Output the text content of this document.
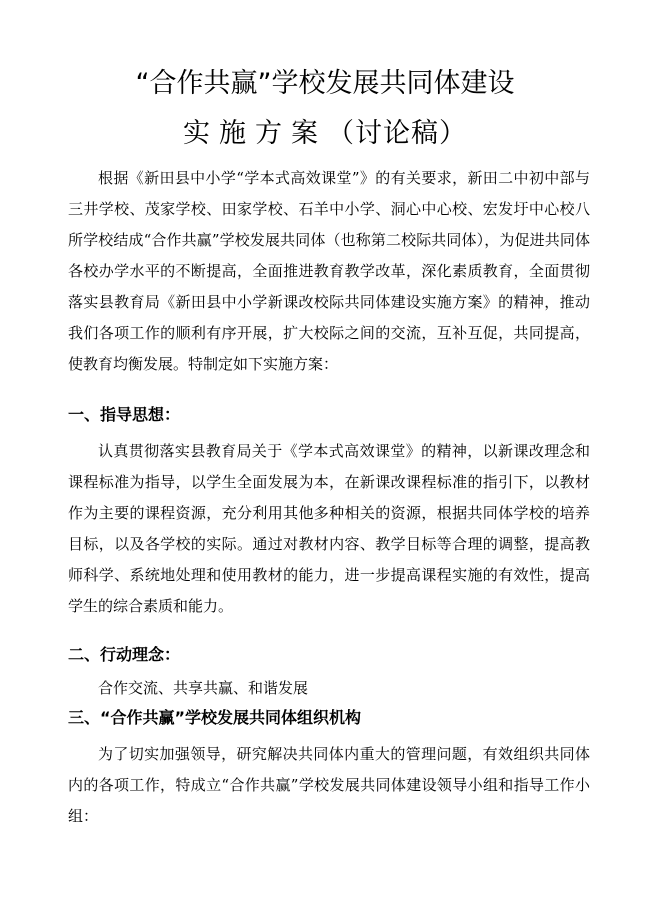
“合作共赢”学校发展共同体建设
实施方案（讨论稿）
根据《新田县中小学“学本式高效课堂”》的有关要求，新田二中初中部与三井学校、茂家学校、田家学校、石羊中小学、洞心中心校、宏发圩中心校八所学校结成“合作共赢”学校发展共同体（也称第二校际共同体），为促进共同体各校办学水平的不断提高，全面推进教育教学改革，深化素质教育，全面贯彻落实县教育局《新田县中小学新课改校际共同体建设实施方案》的精神，推动我们各项工作的顺利有序开展，扩大校际之间的交流，互补互促，共同提高，使教育均衡发展。特制定如下实施方案：
一、指导思想：
认真贯彻落实县教育局关于《学本式高效课堂》的精神，以新课改理念和课程标准为指导，以学生全面发展为本，在新课改课程标准的指引下，以教材作为主要的课程资源，充分利用其他多种相关的资源，根据共同体学校的培养目标，以及各学校的实际。通过对教材内容、教学目标等合理的调整，提高教师科学、系统地处理和使用教材的能力，进一步提高课程实施的有效性，提高学生的综合素质和能力。
二、行动理念：
合作交流、共享共赢、和谐发展
三、“合作共赢”学校发展共同体组织机构
为了切实加强领导，研究解决共同体内重大的管理问题，有效组织共同体内的各项工作，特成立“合作共赢”学校发展共同体建设领导小组和指导工作小组：
